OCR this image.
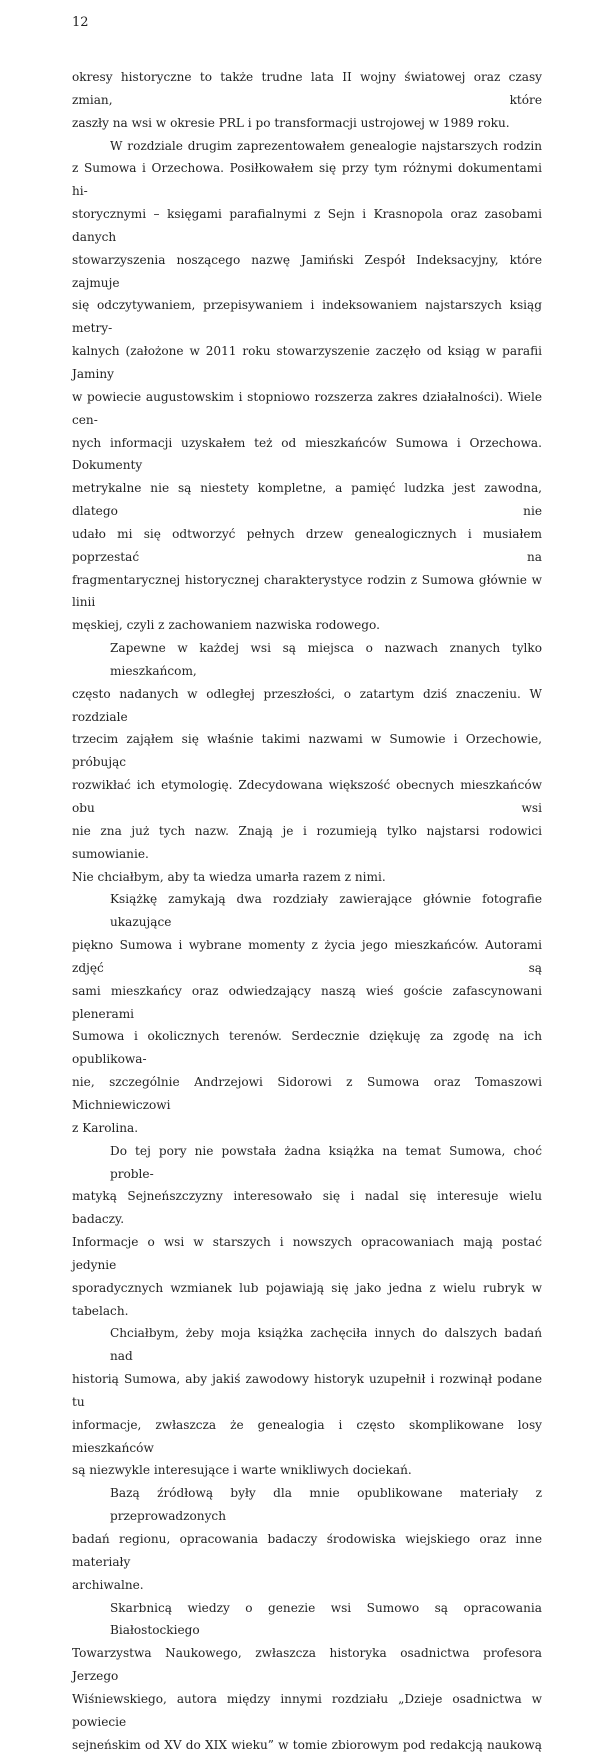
12
okresy historyczne to także trudne lata II wojny światowej oraz czasy zmian, które
zaszły na wsi w okresie PRL i po transformacji ustrojowej w 1989 roku.
W rozdziale drugim zaprezentowałem genealogie najstarszych rodzin
z Sumowa i Orzechowa. Posiłkowałem się przy tym różnymi dokumentami hi-
storycznymi – księgami parafialnymi z Sejn i Krasnopola oraz zasobami danych
stowarzyszenia noszącego nazwę Jamiński Zespół Indeksacyjny, które zajmuje
się odczytywaniem, przepisywaniem i indeksowaniem najstarszych ksiąg metry-
kalnych (założone w 2011 roku stowarzyszenie zaczęło od ksiąg w parafii Jaminy
w powiecie augustowskim i stopniowo rozszerza zakres działalności). Wiele cen-
nych informacji uzyskałem też od mieszkańców Sumowa i Orzechowa. Dokumenty
metrykalne nie są niestety kompletne, a pamięć ludzka jest zawodna, dlatego nie
udało mi się odtworzyć pełnych drzew genealogicznych i musiałem poprzestać na
fragmentarycznej historycznej charakterystyce rodzin z Sumowa głównie w linii
męskiej, czyli z zachowaniem nazwiska rodowego.
Zapewne w każdej wsi są miejsca o nazwach znanych tylko mieszkańcom,
często nadanych w odległej przeszłości, o zatartym dziś znaczeniu. W rozdziale
trzecim zająłem się właśnie takimi nazwami w Sumowie i Orzechowie, próbując
rozwikłać ich etymologię. Zdecydowana większość obecnych mieszkańców obu wsi
nie zna już tych nazw. Znają je i rozumieją tylko najstarsi rodowici sumowianie.
Nie chciałbym, aby ta wiedza umarła razem z nimi.
Książkę zamykają dwa rozdziały zawierające głównie fotografie ukazujące
piękno Sumowa i wybrane momenty z życia jego mieszkańców. Autorami zdjęć są
sami mieszkańcy oraz odwiedzający naszą wieś goście zafascynowani plenerami
Sumowa i okolicznych terenów. Serdecznie dziękuję za zgodę na ich opublikowa-
nie, szczególnie Andrzejowi Sidorowi z Sumowa oraz Tomaszowi Michniewiczowi
z Karolina.
Do tej pory nie powstała żadna książka na temat Sumowa, choć proble-
matyką Sejneńszczyzny interesowało się i nadal się interesuje wielu badaczy.
Informacje o wsi w starszych i nowszych opracowaniach mają postać jedynie
sporadycznych wzmianek lub pojawiają się jako jedna z wielu rubryk w tabelach.
Chciałbym, żeby moja książka zachęciła innych do dalszych badań nad
historią Sumowa, aby jakiś zawodowy historyk uzupełnił i rozwinął podane tu
informacje, zwłaszcza że genealogia i często skomplikowane losy mieszkańców
są niezwykle interesujące i warte wnikliwych dociekań.
Bazą źródłową były dla mnie opublikowane materiały z przeprowadzonych
badań regionu, opracowania badaczy środowiska wiejskiego oraz inne materiały
archiwalne.
Skarbnicą wiedzy o genezie wsi Sumowo są opracowania Białostockiego
Towarzystwa Naukowego, zwłaszcza historyka osadnictwa profesora Jerzego
Wiśniewskiego, autora między innymi rozdziału „Dzieje osadnictwa w powiecie
sejneńskim od XV do XIX wieku” w tomie zbiorowym pod redakcją naukową
